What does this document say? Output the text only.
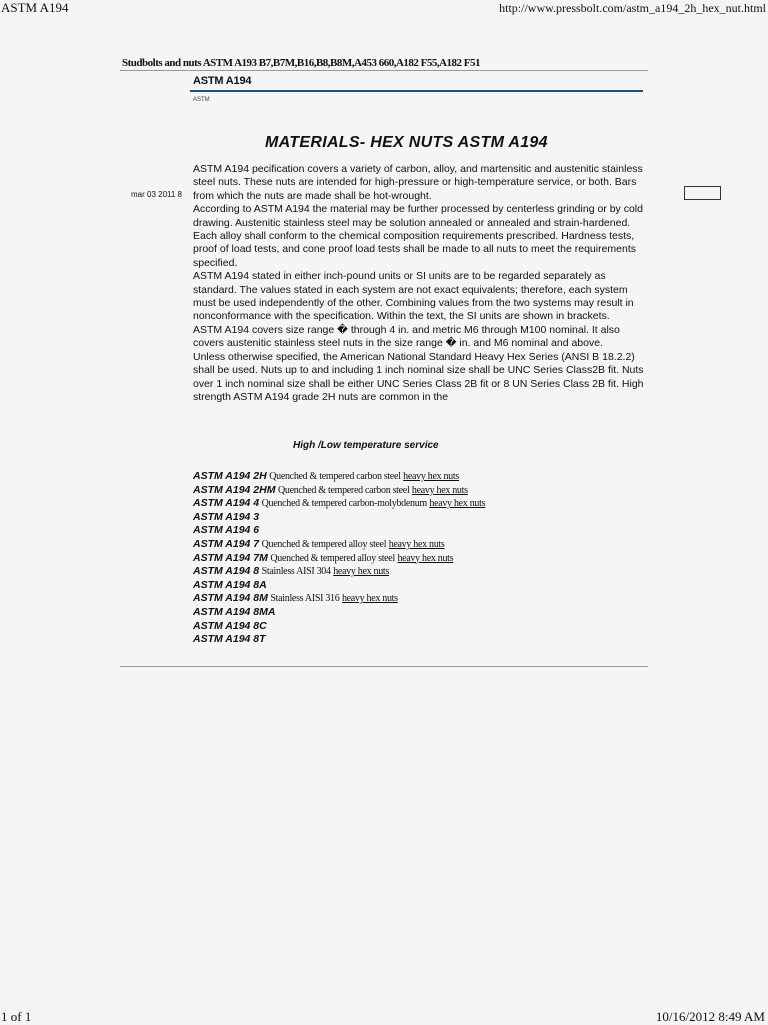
ASTM A194	http://www.pressbolt.com/astm_a194_2h_hex_nut.html
Studbolts and nuts ASTM A193 B7,B7M,B16,B8,B8M,A453 660,A182 F55,A182 F51
ASTM A194
ASTM
MATERIALS- HEX NUTS ASTM A194
mar 03 2011 8

ASTM A194 pecification covers a variety of carbon, alloy, and martensitic and austenitic stainless steel nuts. These nuts are intended for high-pressure or high-temperature service, or both. Bars from which the nuts are made shall be hot-wrought.

According to ASTM A194 the material may be further processed by centerless grinding or by cold drawing. Austenitic stainless steel may be solution annealed or annealed and strain-hardened. Each alloy shall conform to the chemical composition requirements prescribed. Hardness tests, proof of load tests, and cone proof load tests shall be made to all nuts to meet the requirements specified.

ASTM A194 stated in either inch-pound units or SI units are to be regarded separately as standard. The values stated in each system are not exact equivalents; therefore, each system must be used independently of the other. Combining values from the two systems may result in nonconformance with the specification. Within the text, the SI units are shown in brackets.

ASTM A194 covers size range � through 4 in. and metric M6 through M100 nominal. It also covers austenitic stainless steel nuts in the size range � in. and M6 nominal and above.

Unless otherwise specified, the American National Standard Heavy Hex Series (ANSI B 18.2.2) shall be used. Nuts up to and including 1 inch nominal size shall be UNC Series Class2B fit. Nuts over 1 inch nominal size shall be either UNC Series Class 2B fit or 8 UN Series Class 2B fit. High strength ASTM A194 grade 2H nuts are common in the

High /Low temperature service
ASTM A194 2H Quenched & tempered carbon steel heavy hex nuts
ASTM A194 2HM Quenched & tempered carbon steel heavy hex nuts
ASTM A194 4 Quenched & tempered carbon-molybdenum heavy hex nuts
ASTM A194 3
ASTM A194 6
ASTM A194 7 Quenched & tempered alloy steel heavy hex nuts
ASTM A194 7M Quenched & tempered alloy steel heavy hex nuts
ASTM A194 8 Stainless AISI 304 heavy hex nuts
ASTM A194 8A
ASTM A194 8M Stainless AISI 316 heavy hex nuts
ASTM A194 8MA
ASTM A194 8C
ASTM A194 8T
1 of 1	10/16/2012 8:49 AM
